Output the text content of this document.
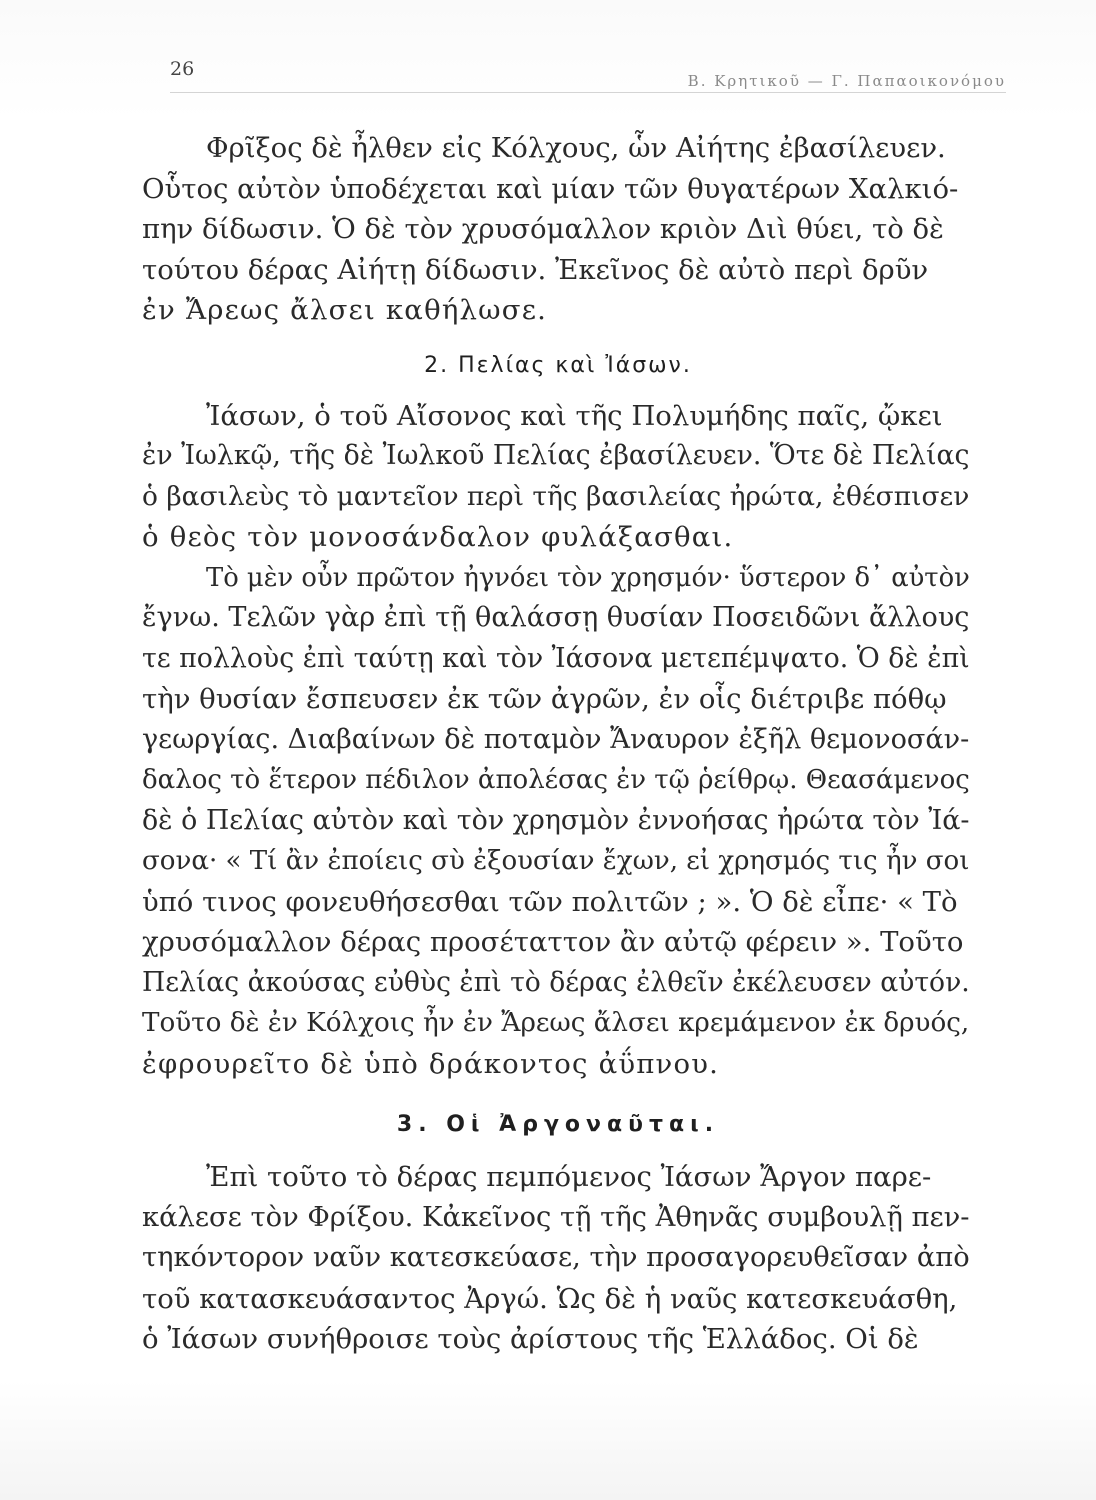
26
Β. Κρητικοῦ — Γ. Παπαοικονόμου
Φρῖξος δὲ ἦλθεν εἰς Κόλχους, ὧν Αἰήτης ἐβασίλευεν.
Οὗτος αὐτὸν ὑποδέχεται καὶ μίαν τῶν θυγατέρων Χαλκιό-
πην δίδωσιν. Ὁ δὲ τὸν χρυσόμαλλον κριὸν Διὶ θύει, τὸ δὲ
τούτου δέρας Αἰήτῃ δίδωσιν. Ἐκεῖνος δὲ αὐτὸ περὶ δρῦν
ἐν Ἄρεως ἄλσει καθήλωσε.
2. Πελίας καὶ Ἰάσων.
Ἰάσων, ὁ τοῦ Αἴσονος καὶ τῆς Πολυμήδης παῖς, ᾤκει
ἐν Ἰωλκῷ, τῆς δὲ Ἰωλκοῦ Πελίας ἐβασίλευεν. Ὅτε δὲ Πελίας
ὁ βασιλεὺς τὸ μαντεῖον περὶ τῆς βασιλείας ἠρώτα, ἐθέσπισεν
ὁ θεὸς τὸν μονοσάνδαλον φυλάξασθαι.
Τὸ μὲν οὖν πρῶτον ἠγνόει τὸν χρησμόν· ὕστερον δ᾽ αὐτὸν
ἔγνω. Τελῶν γὰρ ἐπὶ τῇ θαλάσσῃ θυσίαν Ποσειδῶνι ἄλλους
τε πολλοὺς ἐπὶ ταύτῃ καὶ τὸν Ἰάσονα μετεπέμψατο. Ὁ δὲ ἐπὶ
τὴν θυσίαν ἔσπευσεν ἐκ τῶν ἀγρῶν, ἐν οἷς διέτριβε πόθῳ
γεωργίας. Διαβαίνων δὲ ποταμὸν Ἄναυρον ἐξῆλ θεμονοσάν-
δαλος τὸ ἕτερον πέδιλον ἀπολέσας ἐν τῷ ῥείθρῳ. Θεασάμενος
δὲ ὁ Πελίας αὐτὸν καὶ τὸν χρησμὸν ἐννοήσας ἠρώτα τὸν Ἰά-
σονα· « Τί ἂν ἐποίεις σὺ ἐξουσίαν ἔχων, εἰ χρησμός τις ἦν σοι
ὑπό τινος φονευθήσεσθαι τῶν πολιτῶν ; ». Ὁ δὲ εἶπε· « Τὸ
χρυσόμαλλον δέρας προσέταττον ἂν αὐτῷ φέρειν ». Τοῦτο
Πελίας ἀκούσας εὐθὺς ἐπὶ τὸ δέρας ἐλθεῖν ἐκέλευσεν αὐτόν.
Τοῦτο δὲ ἐν Κόλχοις ἦν ἐν Ἄρεως ἄλσει κρεμάμενον ἐκ δρυός,
ἐφρουρεῖτο δὲ ὑπὸ δράκοντος ἀΰπνου.
3. Οἱ Ἀργοναῦται.
Ἐπὶ τοῦτο τὸ δέρας πεμπόμενος Ἰάσων Ἄργον παρε-
κάλεσε τὸν Φρίξου. Κἀκεῖνος τῇ τῆς Ἀθηνᾶς συμβουλῇ πεν-
τηκόντορον ναῦν κατεσκεύασε, τὴν προσαγορευθεῖσαν ἀπὸ
τοῦ κατασκευάσαντος Ἀργώ. Ὡς δὲ ἡ ναῦς κατεσκευάσθη,
ὁ Ἰάσων συνήθροισε τοὺς ἀρίστους τῆς Ἑλλάδος. Οἱ δὲ
